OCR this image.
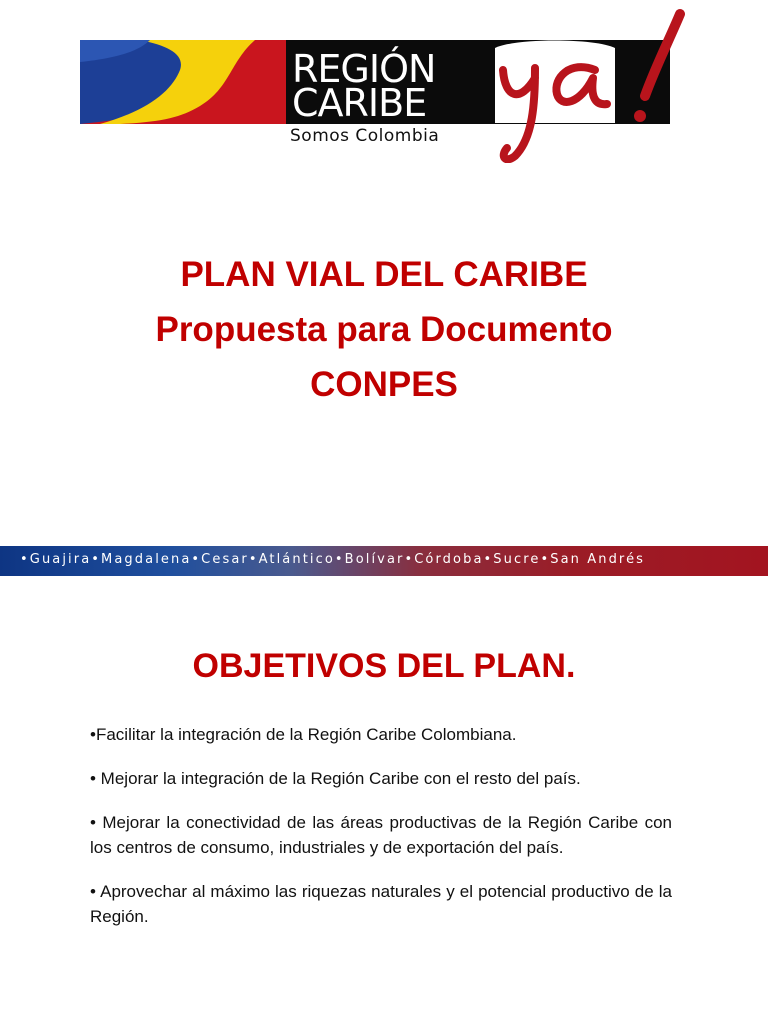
REGIÓN
CARIBE
Somos Colombia
PLAN VIAL DEL CARIBE
Propuesta para Documento
CONPES
•Guajira•Magdalena•Cesar•Atlántico•Bolívar•Córdoba•Sucre•San Andrés
OBJETIVOS DEL PLAN.
•Facilitar la integración de la Región Caribe Colombiana.
• Mejorar la integración de la Región Caribe con el resto del país.
• Mejorar la conectividad de las áreas productivas de la Región Caribe con los centros de consumo, industriales y de exportación del país.
• Aprovechar al máximo las riquezas naturales y el potencial productivo de la Región.
